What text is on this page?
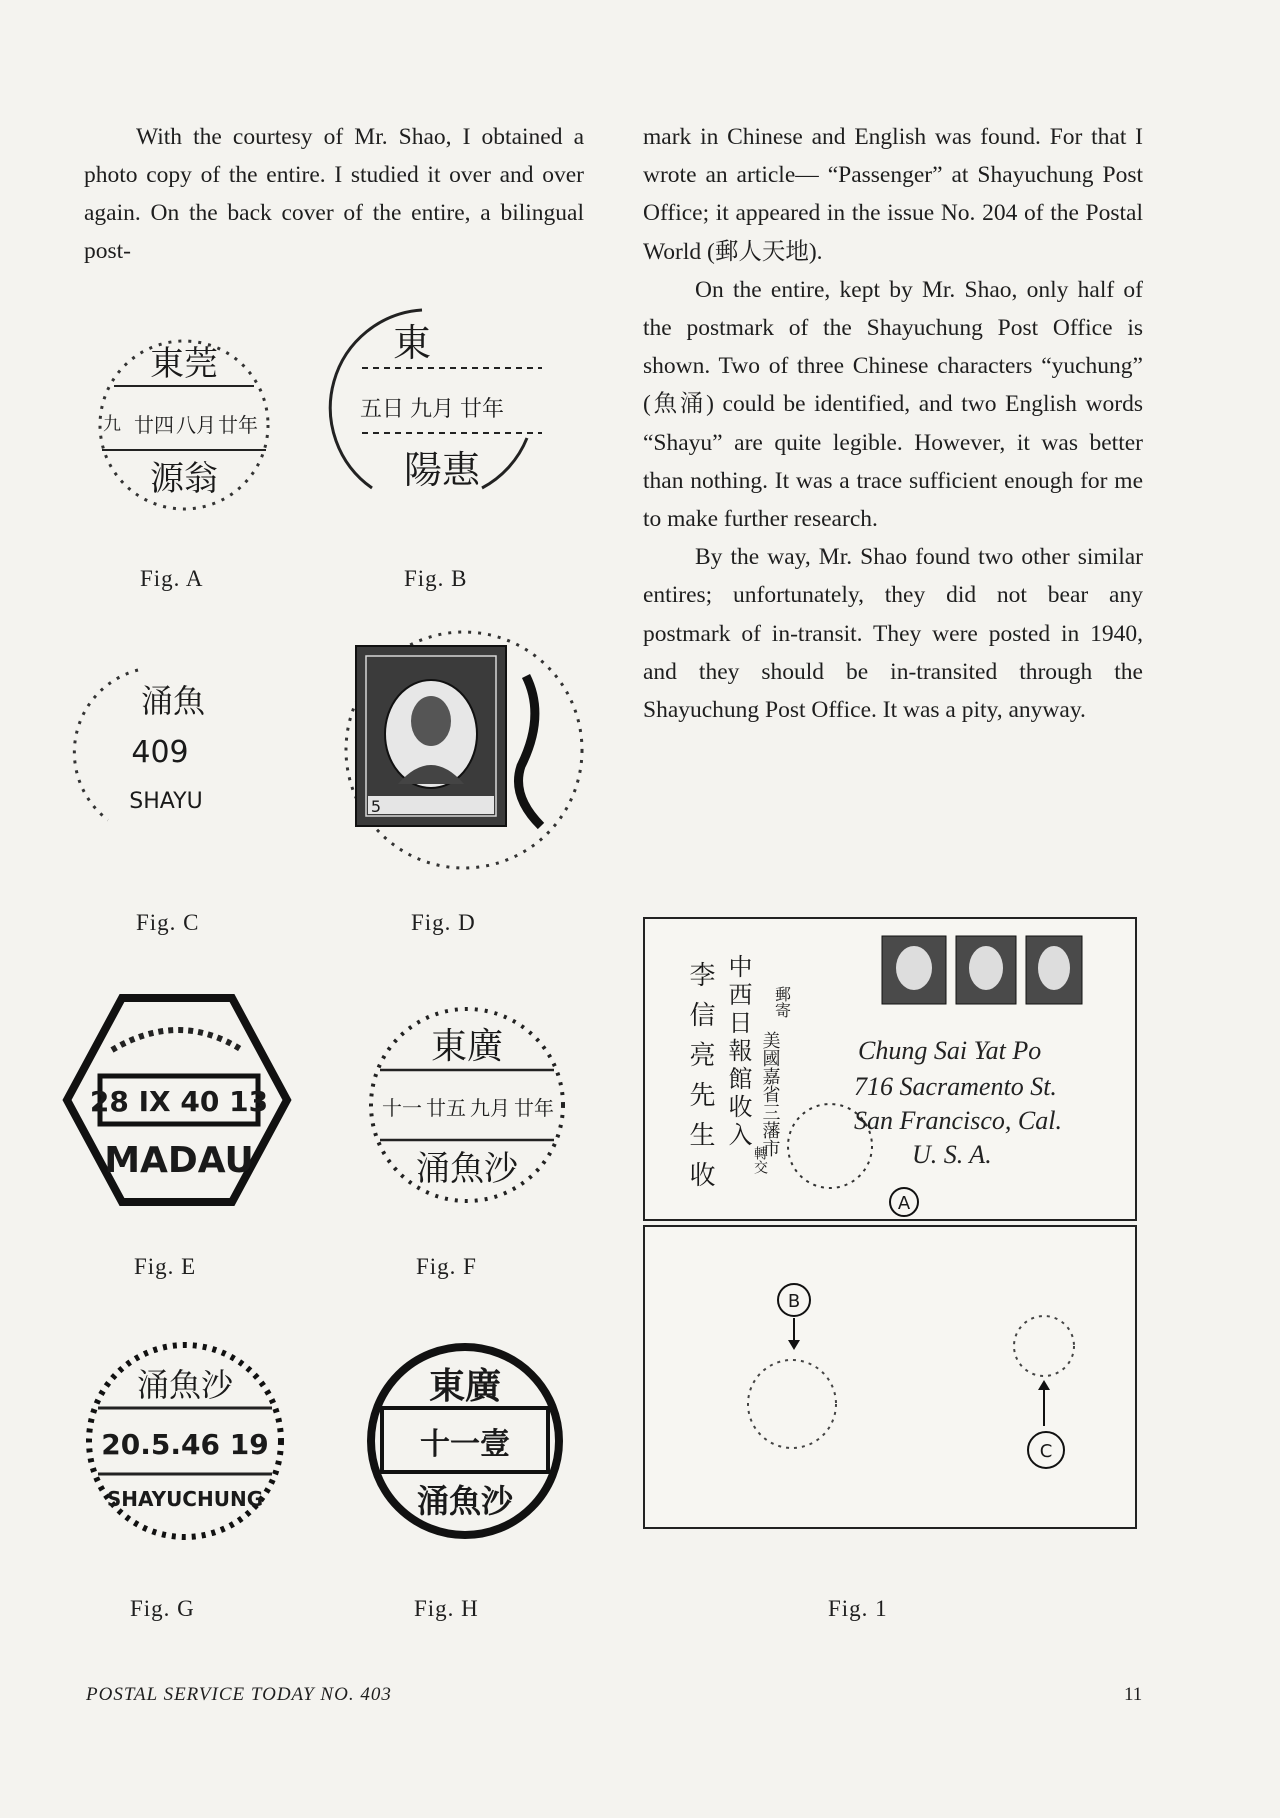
With the courtesy of Mr. Shao, I obtained a photo copy of the entire. I studied it over and over again. On the back cover of the entire, a bilingual post-

mark in Chinese and English was found. For that I wrote an article— “Passenger” at Shayuchung Post Office; it appeared in the issue No. 204 of the Postal World (郵人天地).

On the entire, kept by Mr. Shao, only half of the postmark of the Shayuchung Post Office is shown. Two of three Chinese characters “yuchung” (魚涌) could be identified, and two English words “Shayu” are quite legible. However, it was better than nothing. It was a trace sufficient enough for me to make further research.

By the way, Mr. Shao found two other similar entires; unfortunately, they did not bear any postmark of in-transit. They were posted in 1940, and they should be in-transited through the Shayuchung Post Office. It was a pity, anyway.

東莞
九 廿四 八月 廿年
源翁
Fig. A
東
五日 九月 廿年
陽惠
Fig. B
涌魚
409
SHAYU
Fig. C
5
Fig. D
28 IX 40 13
MADAU
Fig. E
東廣
十一 廿五 九月 廿年
涌魚沙
Fig. F
涌魚沙
20.5.46 19
SHAYUCHUNG
Fig. G
東廣
十一壹
涌魚沙
Fig. H
李信亮先生收 中西日報館收入 郵寄
美國嘉省三藩市
轉交
Chung Sai Yat Po
716 Sacramento St.
San Francisco, Cal.
U. S. A.
A
B
C
Fig. 1
POSTAL SERVICE TODAY NO. 403	11
